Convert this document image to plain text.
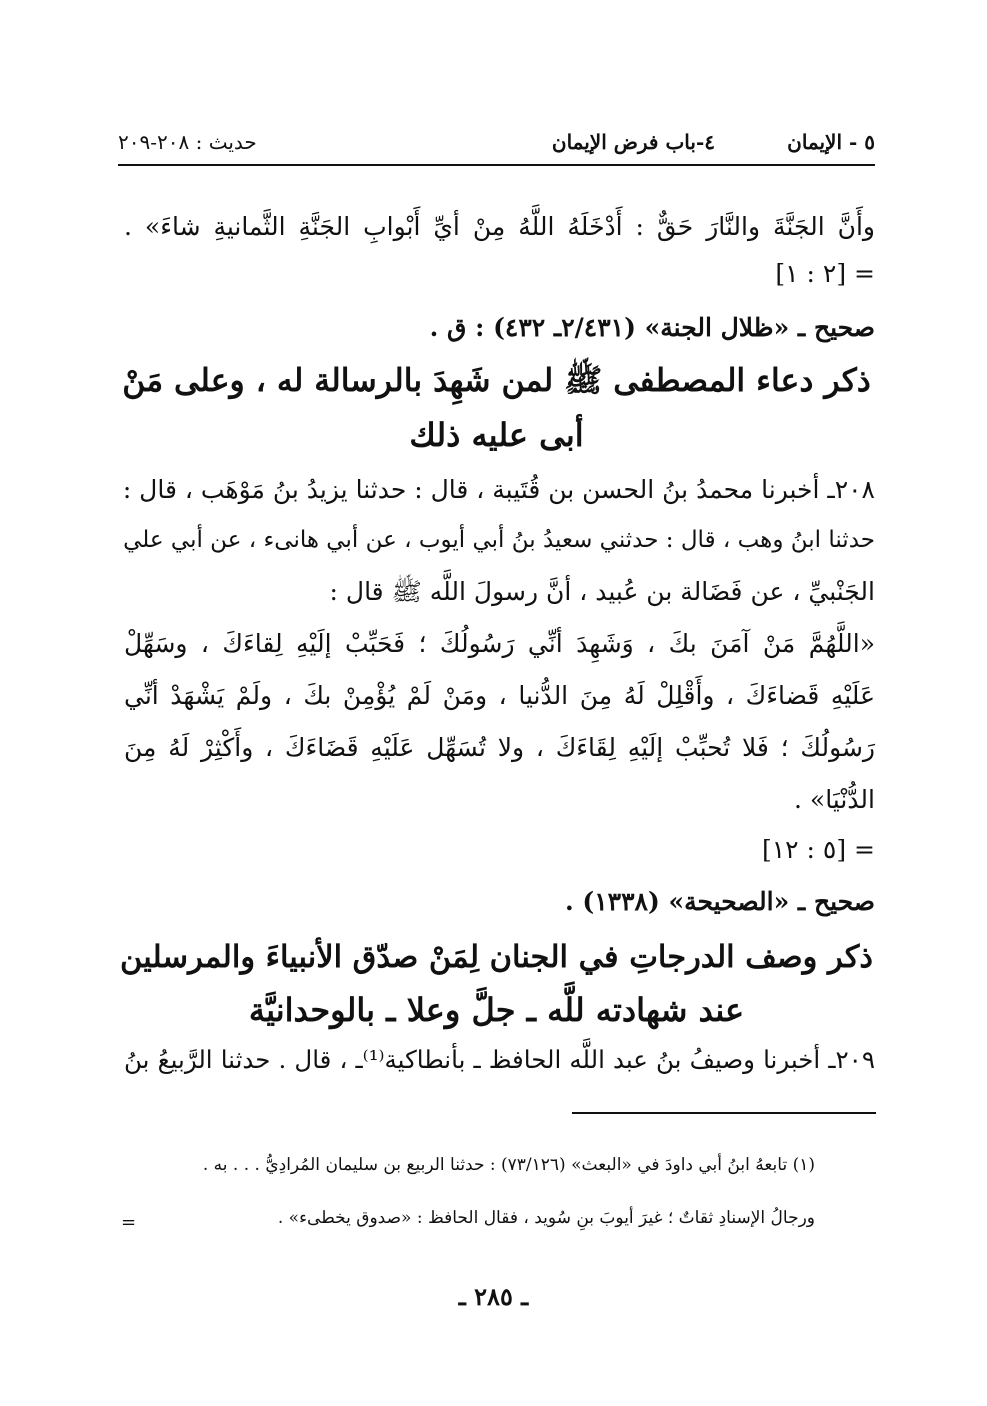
٥ - الإيمان
٤-باب فرض الإيمان
حديث : ٢٠٨-٢٠٩
وأَنَّ الجَنَّةَ والنَّارَ حَقٌّ : أَدْخَلَهُ اللَّهُ مِنْ أيِّ أَبْوابِ الجَنَّةِ الثَّمانيةِ شاءَ» .
= [٢ : ١]
صحيح ـ «ظلال الجنة» (٢/٤٣١ـ ٤٣٢) : ق .
ذكر دعاء المصطفى ﷺ لمن شَهِدَ بالرسالة له ، وعلى مَنْ
أبى عليه ذلك
٢٠٨ـ أخبرنا محمدُ بنُ الحسن بن قُتَيبة ، قال : حدثنا يزيدُ بنُ مَوْهَب ، قال :
حدثنا ابنُ وهب ، قال : حدثني سعيدُ بنُ أبي أيوب ، عن أبي هانىء ، عن أبي علي
الجَنْبيِّ ، عن فَضَالة بن عُبيد ، أنَّ رسولَ اللَّه ﷺ قال :
«اللَّهُمَّ مَنْ آمَنَ بكَ ، وَشَهِدَ أنِّي رَسُولُكَ ؛ فَحَبِّبْ إلَيْهِ لِقاءَكَ ، وسَهِّلْ
عَلَيْهِ قَضاءَكَ ، وأَقْلِلْ لَهُ مِنَ الدُّنيا ، ومَنْ لَمْ يُؤْمِنْ بكَ ، ولَمْ يَشْهَدْ أنِّي
رَسُولُكَ ؛ فَلا تُحبِّبْ إلَيْهِ لِقَاءَكَ ، ولا تُسَهِّل عَلَيْهِ قَضَاءَكَ ، وأَكْثِرْ لَهُ مِنَ
الدُّنْيَا» .
= [٥ : ١٢]
صحيح ـ «الصحيحة» (١٣٣٨) .
ذكر وصف الدرجاتِ في الجنان لِمَنْ صدّق الأنبياءَ والمرسلين
عند شهادته للَّه ـ جلَّ وعلا ـ بالوحدانيَّة
٢٠٩ـ أخبرنا وصيفُ بنُ عبد اللَّه الحافظ ـ بأنطاكية⁽¹⁾ـ ، قال . حدثنا الرَّبيعُ بنُ
(١) تابعهُ ابنُ أبي داودَ في «البعث» (٧٣/١٢٦) : حدثنا الربيع بن سليمان المُرادِيُّ . . . به .
ورجالُ الإسنادِ ثقاتٌ ؛ غيرَ أيوبَ بنِ سُويد ، فقال الحافظ : «صدوق يخطىء» .
=
ـ ٢٨٥ ـ
